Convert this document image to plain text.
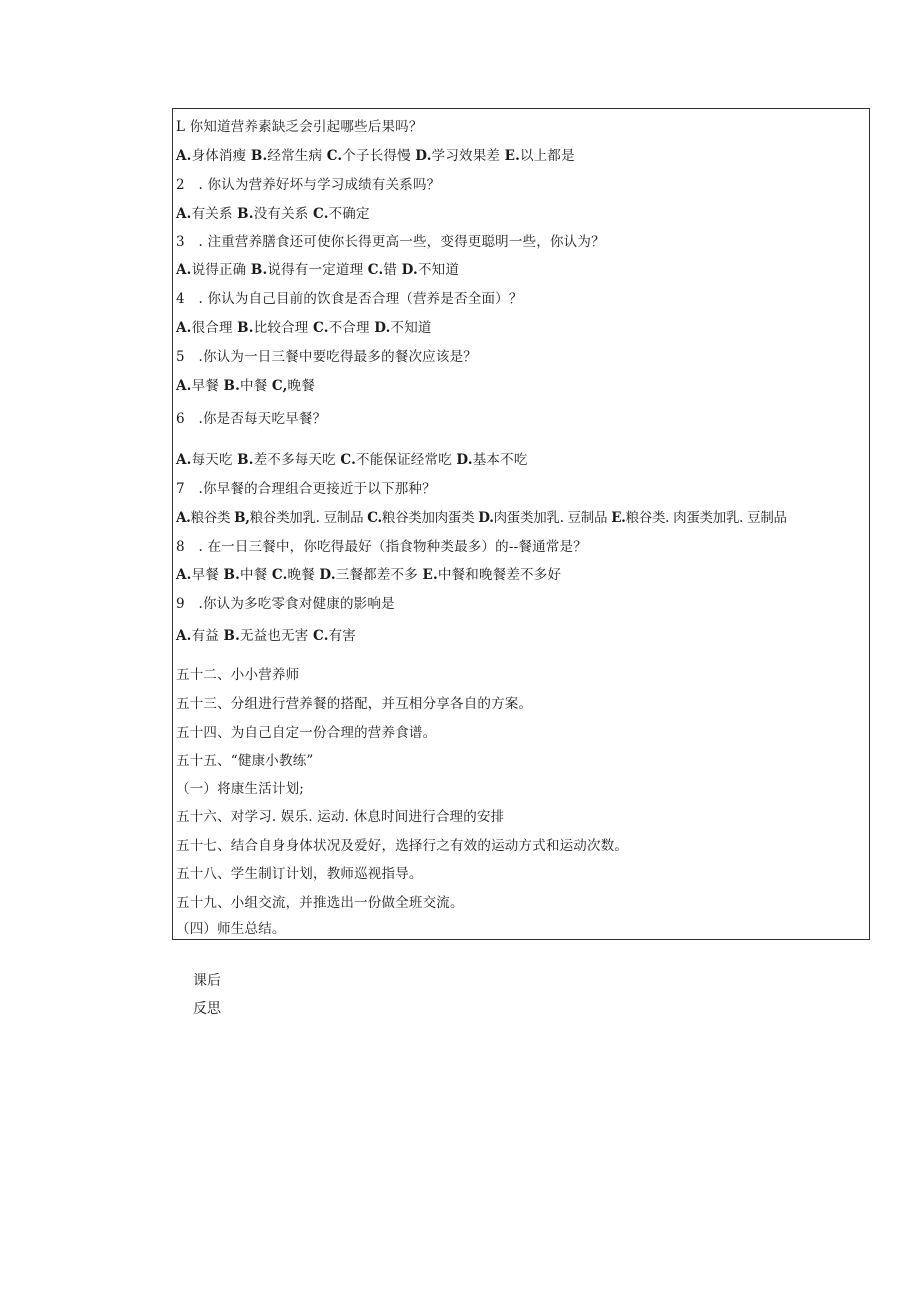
L 你知道营养素缺乏会引起哪些后果吗？
A.身体消瘦 B.经常生病 C.个子长得慢 D.学习效果差 E.以上都是
2　. 你认为营养好坏与学习成绩有关系吗？
A.有关系 B.没有关系 C.不确定
3　. 注重营养膳食还可使你长得更高一些，变得更聪明一些，你认为？
A.说得正确 B.说得有一定道理 C.错 D.不知道
4　. 你认为自己目前的饮食是否合理（营养是否全面）？
A.很合理 B.比较合理 C.不合理 D.不知道
5　.你认为一日三餐中要吃得最多的餐次应该是？
A.早餐 B.中餐 C,晚餐
6　.你是否每天吃早餐？
A.每天吃 B.差不多每天吃 C.不能保证经常吃 D.基本不吃
7　.你早餐的合理组合更接近于以下那种？
A.粮谷类 B,粮谷类加乳. 豆制品 C.粮谷类加肉蛋类 D.肉蛋类加乳. 豆制品 E.粮谷类. 肉蛋类加乳. 豆制品
8　. 在一日三餐中，你吃得最好（指食物种类最多）的--餐通常是？
A.早餐 B.中餐 C.晚餐 D.三餐都差不多 E.中餐和晚餐差不多好
9　.你认为多吃零食对健康的影响是
A.有益 B.无益也无害 C.有害
五十二、小小营养师
五十三、分组进行营养餐的搭配，并互相分享各自的方案。
五十四、为自己自定一份合理的营养食谱。
五十五、“健康小教练”
（一）将康生活计划;
五十六、对学习. 娱乐. 运动. 休息时间进行合理的安排
五十七、结合自身身体状况及爱好，选择行之有效的运动方式和运动次数。
五十八、学生制订计划，教师巡视指导。
五十九、小组交流，并推选出一份做全班交流。
（四）师生总结。
课后
反思
